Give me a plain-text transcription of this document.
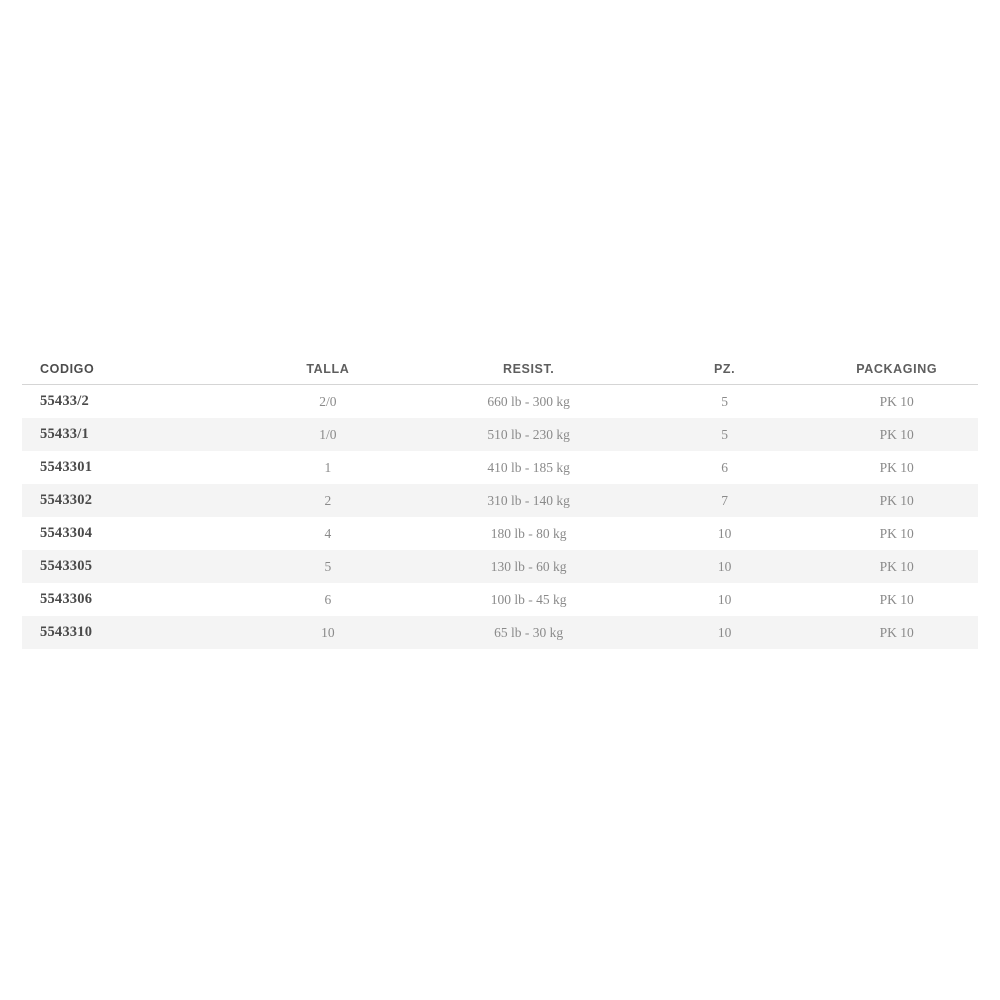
CODIGO	TALLA	RESIST.	PZ.	PACKAGING
55433/2	2/0	660 lb - 300 kg	5	PK 10
55433/1	1/0	510 lb - 230 kg	5	PK 10
5543301	1	410 lb - 185 kg	6	PK 10
5543302	2	310 lb - 140 kg	7	PK 10
5543304	4	180 lb - 80 kg	10	PK 10
5543305	5	130 lb - 60 kg	10	PK 10
5543306	6	100 lb - 45 kg	10	PK 10
5543310	10	65 lb - 30 kg	10	PK 10
